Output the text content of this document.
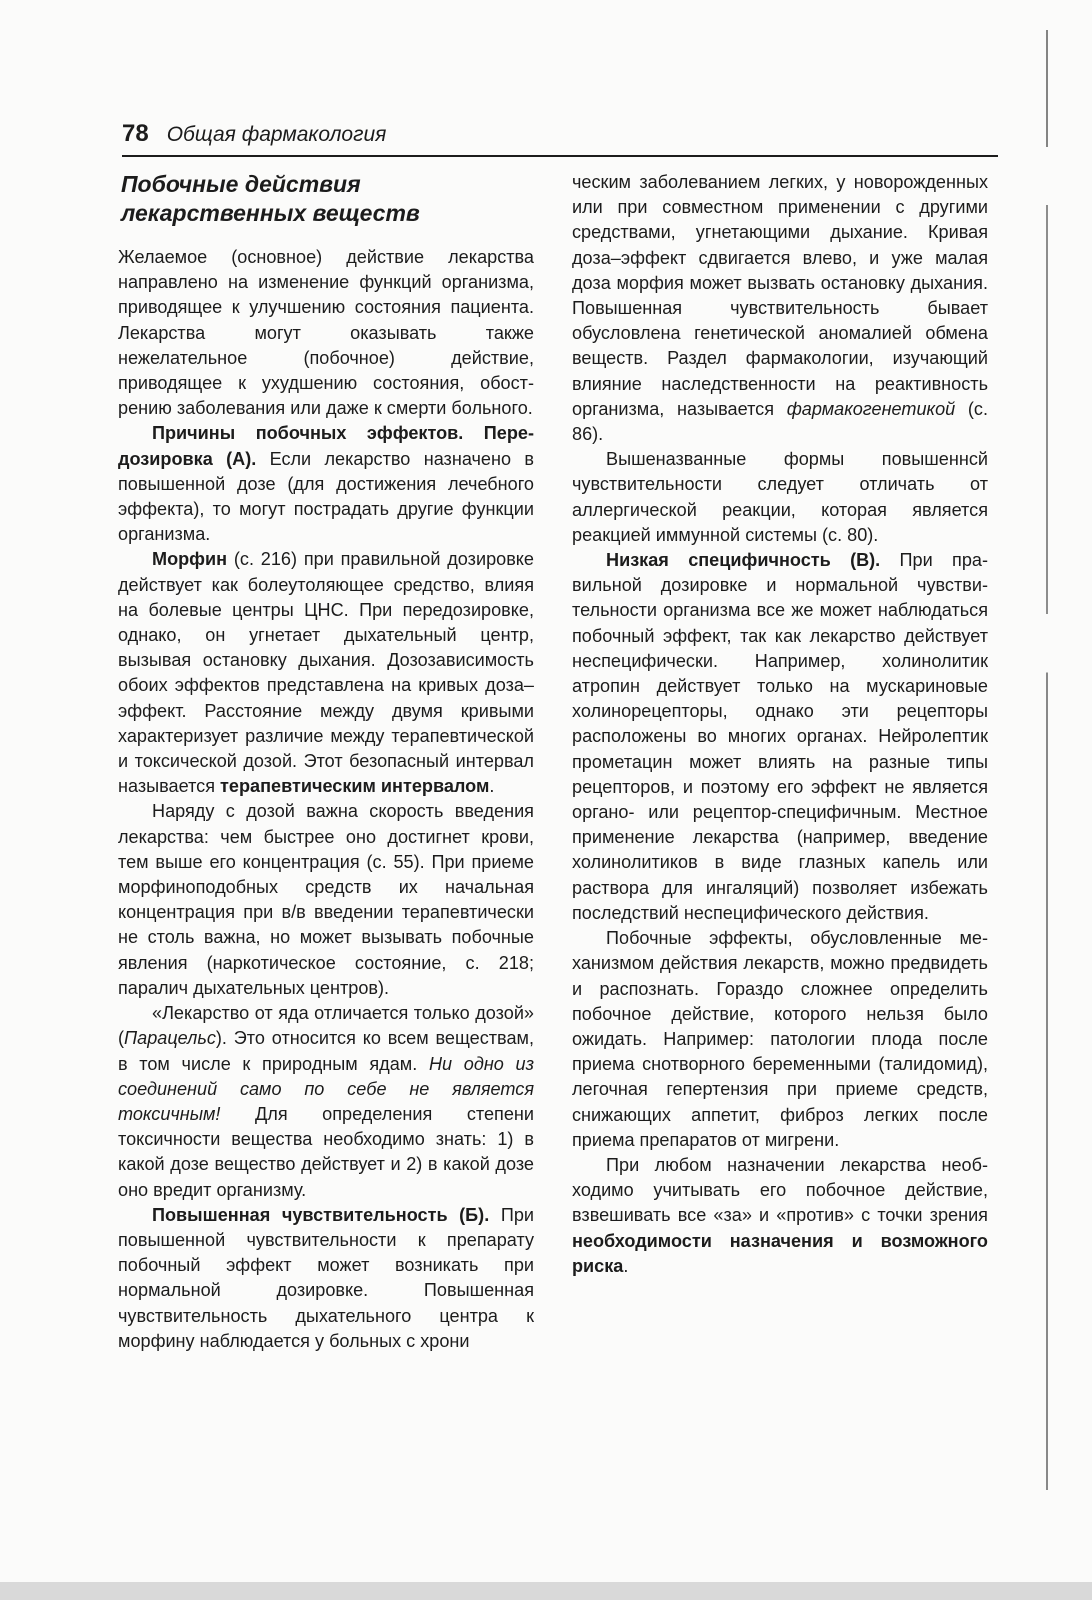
78 Общая фармакология
Побочные действия
лекарственных веществ

Желаемое (основное) действие лекарства направлено на изменение функций организма, приводящее к улучшению состояния пациента. Лекарства могут оказывать также нежелательное (побочное) действие, приводящее к ухудшению состояния, обострению заболевания или даже к смерти больного.

Причины побочных эффектов. Передозировка (А). Если лекарство назначено в повышенной дозе (для достижения лечебного эффекта), то могут пострадать другие функции организма.

Морфин (с. 216) при правильной дозировке действует как болеутоляющее средство, влияя на болевые центры ЦНС. При передозировке, однако, он угнетает дыхательный центр, вызывая остановку дыхания. Дозозависимость обоих эффектов представлена на кривых доза–эффект. Расстояние между двумя кривыми характеризует различие между терапевтической и токсической дозой. Этот безопасный интервал называется терапевтическим интервалом.

Наряду с дозой важна скорость введения лекарства: чем быстрее оно достигнет крови, тем выше его концентрация (с. 55). При приеме морфиноподобных средств их начальная концентрация при в/в введении терапевтически не столь важна, но может вызывать побочные явления (наркотическое состояние, с. 218; паралич дыхательных центров).

«Лекарство от яда отличается только дозой» (Парацельс). Это относится ко всем веществам, в том числе к природным ядам. Ни одно из соединений само по себе не является токсичным! Для определения степени токсичности вещества необходимо знать: 1) в какой дозе вещество действует и 2) в какой дозе оно вредит организму.

Повышенная чувствительность (Б). При повышенной чувствительности к препарату побочный эффект может возникать при нормальной дозировке. Повышенная чувствительность дыхательного центра к морфину наблюдается у больных с хрони

ческим заболеванием легких, у новорожденных или при совместном применении с другими средствами, угнетающими дыхание. Кривая доза–эффект сдвигается влево, и уже малая доза морфия может вызвать остановку дыхания. Повышенная чувствительность бывает обусловлена генетической аномалией обмена веществ. Раздел фармакологии, изучающий влияние наследственности на реактивность организма, называется фармакогенетикой (с. 86).

Вышеназванные формы повышеннсй чувствительности следует отличать от аллергической реакции, которая является реакцией иммунной системы (с. 80).

Низкая специфичность (В). При правильной дозировке и нормальной чувствительности организма все же может наблюдаться побочный эффект, так как лекарство действует неспецифически. Например, холинолитик атропин действует только на мускариновые холинорецепторы, однако эти рецепторы расположены во многих органах. Нейролептик прометацин может влиять на разные типы рецепторов, и поэтому его эффект не является органо- или рецептор-специфичным. Местное применение лекарства (например, введение холинолитиков в виде глазных капель или раствора для ингаляций) позволяет избежать последствий неспецифического действия.

Побочные эффекты, обусловленные механизмом действия лекарств, можно предвидеть и распознать. Гораздо сложнее определить побочное действие, которого нельзя было ожидать. Например: патологии плода после приема снотворного беременными (талидомид), легочная гепертензия при приеме средств, снижающих аппетит, фиброз легких после приема препаратов от мигрени.

При любом назначении лекарства необходимо учитывать его побочное действие, взвешивать все «за» и «против» с точки зрения необходимости назначения и возможного риска.
